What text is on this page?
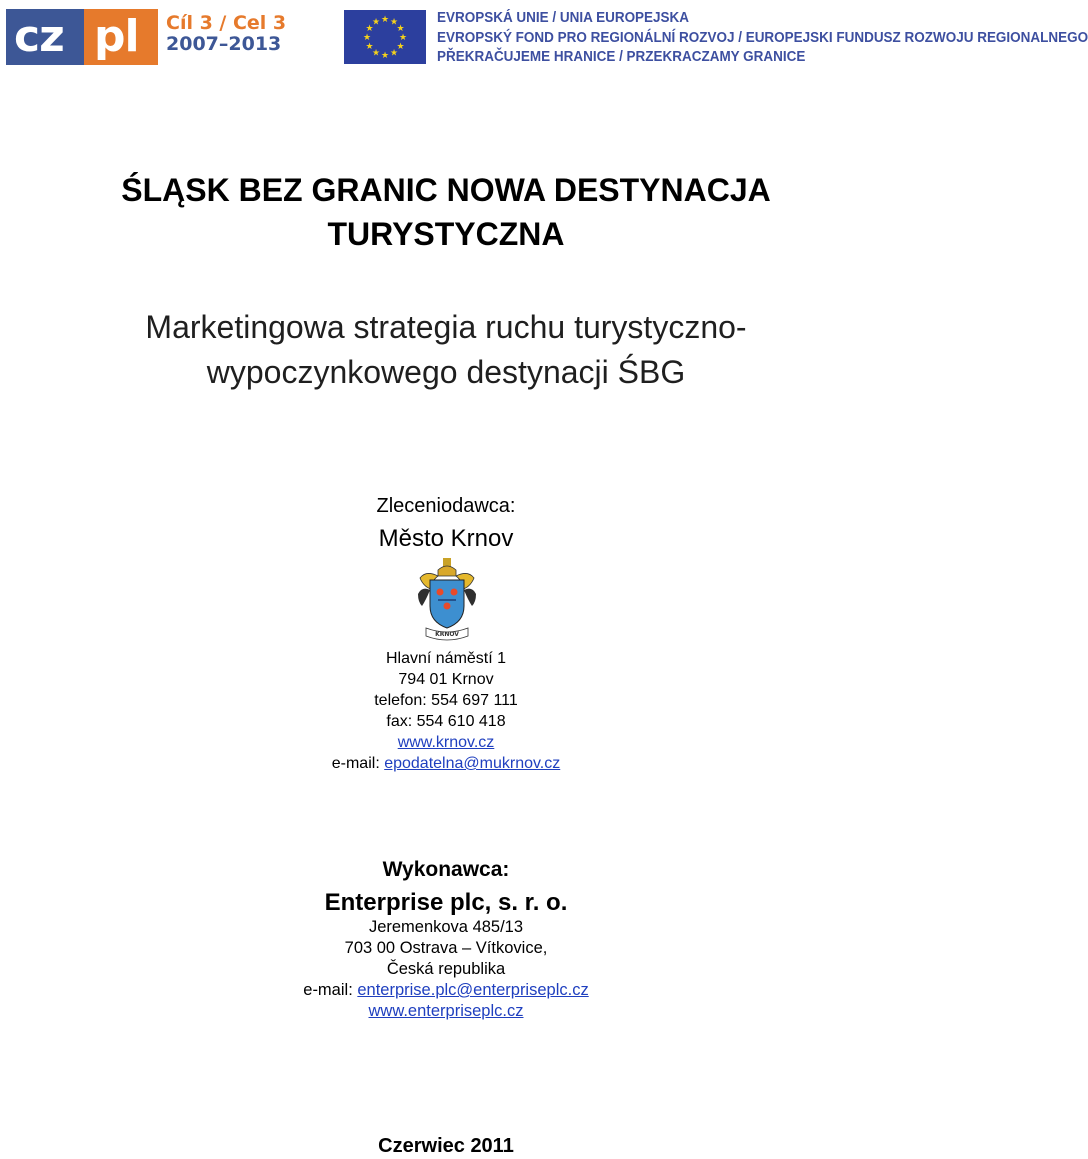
cz pl Cíl 3 / Cel 3
2007–2013
★ ★
★
★
★
★
★
★
★
★
★
★	EVROPSKÁ UNIE / UNIA EUROPEJSKA
EVROPSKÝ FOND PRO REGIONÁLNÍ ROZVOJ / EUROPEJSKI FUNDUSZ ROZWOJU REGIONALNEGO
PŘEKRAČUJEME HRANICE / PRZEKRACZAMY GRANICE
ŚLĄSK BEZ GRANIC NOWA DESTYNACJA
TURYSTYCZNA
Marketingowa strategia ruchu turystyczno-
wypoczynkowego destynacji ŚBG
Zleceniodawca:
Město Krnov
KRNOV
Hlavní náměstí 1
794 01 Krnov
telefon: 554 697 111
fax: 554 610 418
www.krnov.cz
e-mail: epodatelna@mukrnov.cz
Wykonawca:
Enterprise plc, s. r. o.
Jeremenkova 485/13
703 00 Ostrava – Vítkovice,
Česká republika
e-mail: enterprise.plc@enterpriseplc.cz
www.enterpriseplc.cz
Czerwiec 2011
